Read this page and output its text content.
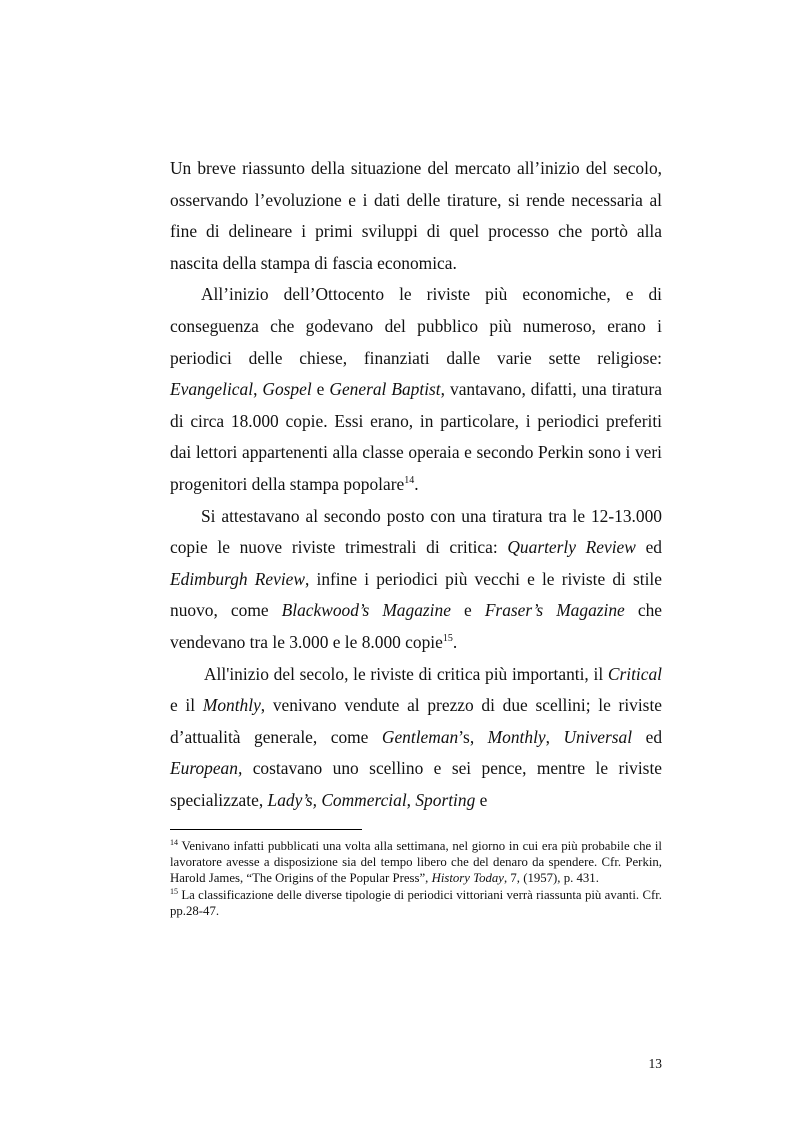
Un breve riassunto della situazione del mercato all’inizio del secolo, osservando l’evoluzione e i dati delle tirature, si rende necessaria al fine di delineare i primi sviluppi di quel processo che portò alla nascita della stampa di fascia economica.

All’inizio dell’Ottocento le riviste più economiche, e di conseguenza che godevano del pubblico più numeroso, erano i periodici delle chiese, finanziati dalle varie sette religiose: Evangelical, Gospel e General Baptist, vantavano, difatti, una tiratura di circa 18.000 copie. Essi erano, in particolare, i periodici preferiti dai lettori appartenenti alla classe operaia e secondo Perkin sono i veri progenitori della stampa popolare$^{14}$.

Si attestavano al secondo posto con una tiratura tra le 12-13.000 copie le nuove riviste trimestrali di critica: Quarterly Review ed Edimburgh Review, infine i periodici più vecchi e le riviste di stile nuovo, come Blackwood’s Magazine e Fraser’s Magazine che vendevano tra le 3.000 e le 8.000 copie$^{15}$.

All'inizio del secolo, le riviste di critica più importanti, il Critical e il Monthly, venivano vendute al prezzo di due scellini; le riviste d’attualità generale, come Gentleman’s, Monthly, Universal ed European, costavano uno scellino e sei pence, mentre le riviste specializzate, Lady’s, Commercial, Sporting e

$^{14}$ Venivano infatti pubblicati una volta alla settimana, nel giorno in cui era più probabile che il lavoratore avesse a disposizione sia del tempo libero che del denaro da spendere. Cfr. Perkin, Harold James, “The Origins of the Popular Press”, History Today, 7, (1957), p. 431.

$^{15}$ La classificazione delle diverse tipologie di periodici vittoriani verrà riassunta più avanti. Cfr. pp.28-47.

13
